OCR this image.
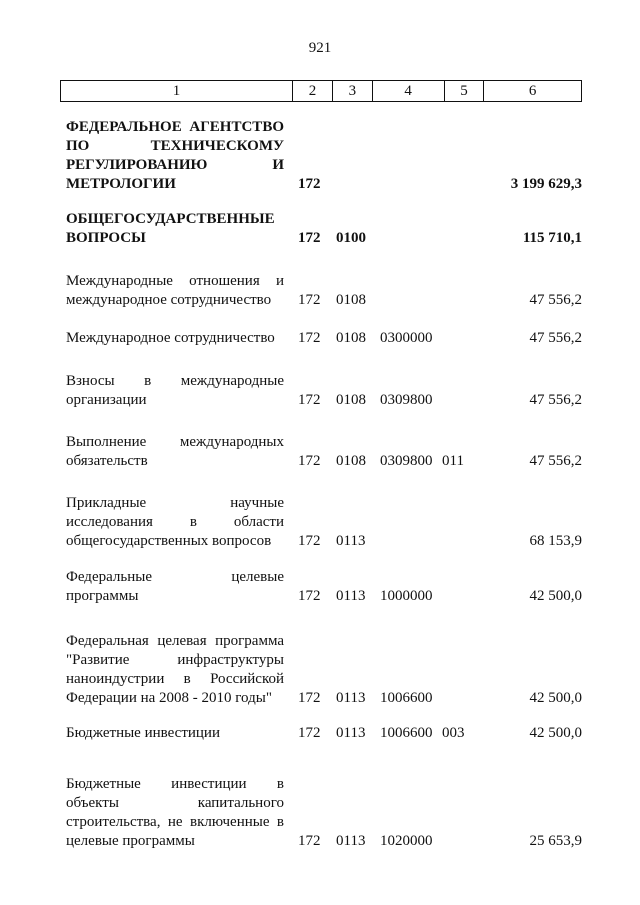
921
1	2	3	4	5	6
ФЕДЕРАЛЬНОЕ АГЕНТСТВО
ПО ТЕХНИЧЕСКОМУ
РЕГУЛИРОВАНИЮ И
МЕТРОЛОГИИ	172	3 199 629,3
ОБЩЕГОСУДАРСТВЕННЫЕ
ВОПРОСЫ	172 0100	115 710,1
Международные отношения и
международное сотрудничество	172 0108	47 556,2
Международное сотрудничество	172 0108 0300000	47 556,2
Взносы в международные
организации	172 0108 0309800	47 556,2
Выполнение международных
обязательств	172 0108 0309800 011	47 556,2
Прикладные научные
исследования в области
общегосударственных вопросов	172 0113	68 153,9
Федеральные целевые
программы	172 0113 1000000	42 500,0
Федеральная целевая программа
"Развитие инфраструктуры
наноиндустрии в Российской
Федерации на 2008 - 2010 годы"	172 0113 1006600	42 500,0
Бюджетные инвестиции	172 0113 1006600 003	42 500,0
Бюджетные инвестиции в
объекты капитального
строительства, не включенные в
целевые программы	172 0113 1020000	25 653,9
